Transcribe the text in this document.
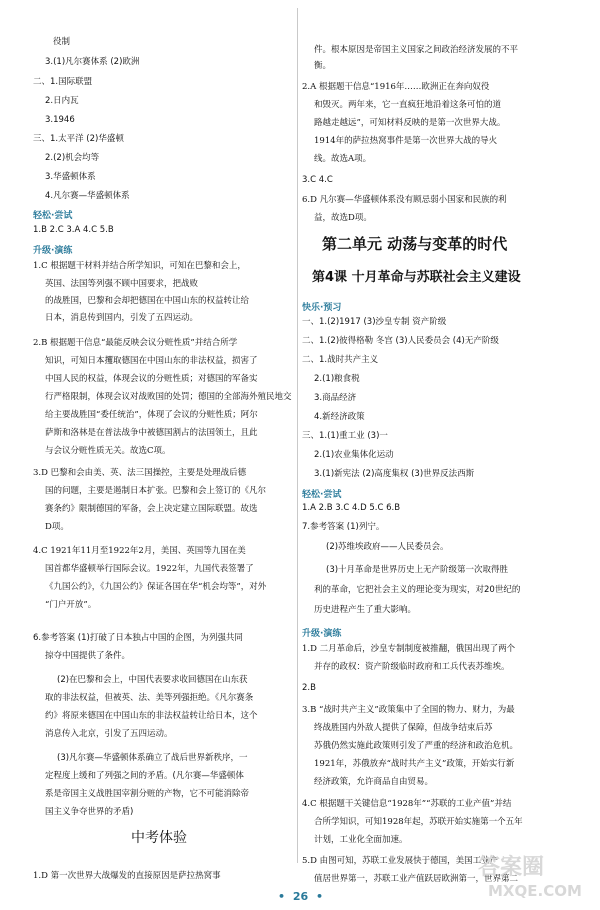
役制
3.(1)凡尔赛体系 (2)欧洲
二、1.国际联盟
2.日内瓦
3.1946
三、1.太平洋 (2)华盛顿
2.(2)机会均等
3.华盛顿体系
4.凡尔赛—华盛顿体系
1.B 2.C 3.A 4.C 5.B
1.C 根据题干材料并结合所学知识，可知在巴黎和会上，
英国、法国等列强不顾中国要求，把战败
的战胜国，巴黎和会却把德国在中国山东的权益转让给
日本，消息传到国内，引发了五四运动。
2.B 根据题干信息“最能反映会议分赃性质”并结合所学
知识，可知日本攫取德国在中国山东的非法权益，损害了
中国人民的权益，体现会议的分赃性质；对德国的军备实
行严格限制，体现会议对战败国的处罚；德国的全部海外殖民地交
给主要战胜国“委任统治”，体现了会议的分赃性质；阿尔
萨斯和洛林是在普法战争中被德国割占的法国领土，且此
与会议分赃性质无关。故选C项。
3.D 巴黎和会由美、英、法三国操控，主要是处理战后德
国的问题，主要是遏制日本扩张。巴黎和会上签订的《凡尔
赛条约》限制德国的军备，会上决定建立国际联盟。故选
D项。
4.C 1921年11月至1922年2月，美国、英国等九国在美
国首都华盛顿举行国际会议。1922年，九国代表签署了
《九国公约》，《九国公约》保证各国在华“机会均等”，对外
“门户开放”。
6.参考答案 (1)打破了日本独占中国的企图，为列强共同
掠夺中国提供了条件。
(2)在巴黎和会上，中国代表要求收回德国在山东获
取的非法权益，但被英、法、美等列强拒绝。《凡尔赛条
约》将原来德国在中国山东的非法权益转让给日本，这个
消息传入北京，引发了五四运动。
(3)凡尔赛—华盛顿体系确立了战后世界新秩序，一
定程度上缓和了列强之间的矛盾。(凡尔赛—华盛顿体
系是帝国主义战胜国宰割分赃的产物，它不可能消除帝
国主义争夺世界的矛盾)
1.D 第一次世界大战爆发的直接原因是萨拉热窝事
轻松·尝试
升级·演练
件。根本原因是帝国主义国家之间政治经济发展的不平
衡。
2.A 根据题干信息“1916年……欧洲正在奔向奴役
和毁灭。两年来，它一直疯狂地沿着这条可怕的道
路越走越远”，可知材料反映的是第一次世界大战。
1914年的萨拉热窝事件是第一次世界大战的导火
线。故选A项。
3.C 4.C
6.D 凡尔赛—华盛顿体系没有顾忌弱小国家和民族的利
益，故选D项。
一、1.(2)1917 (3)沙皇专制 资产阶级
二、1.(2)彼得格勒 冬宫 (3)人民委员会 (4)无产阶级
二、1.战时共产主义
2.(1)粮食税
3.商品经济
4.新经济政策
三、1.(1)重工业 (3)一
2.(1)农业集体化运动
3.(1)新宪法 (2)高度集权 (3)世界反法西斯
1.A 2.B 3.C 4.D 5.C 6.B
7.参考答案 (1)列宁。
(2)苏维埃政府——人民委员会。
(3)十月革命是世界历史上无产阶级第一次取得胜
利的革命，它把社会主义的理论变为现实，对20世纪的
历史进程产生了重大影响。
1.D 二月革命后，沙皇专制制度被推翻，俄国出现了两个
并存的政权：资产阶级临时政府和工兵代表苏维埃。
2.B
3.B “战时共产主义”政策集中了全国的物力、财力，为最
终战胜国内外敌人提供了保障，但战争结束后苏
苏俄仍然实施此政策则引发了严重的经济和政治危机。
1921年，苏俄放弃“战时共产主义”政策，开始实行新
经济政策，允许商品自由贸易。
4.C 根据题干关键信息“1928年”“苏联的工业产值”并结
合所学知识，可知1928年起，苏联开始实施第一个五年
计划，工业化全面加速。
5.D 由图可知，苏联工业发展快于德国，美国工业产
值居世界第一，苏联工业产值跃居欧洲第一，世界第二
轻松·尝试
快乐·预习
升级·演练
中考体验
第二单元 动荡与变革的时代
第4课 十月革命与苏联社会主义建设
• 26 •
答案圈
MXQE.COM
